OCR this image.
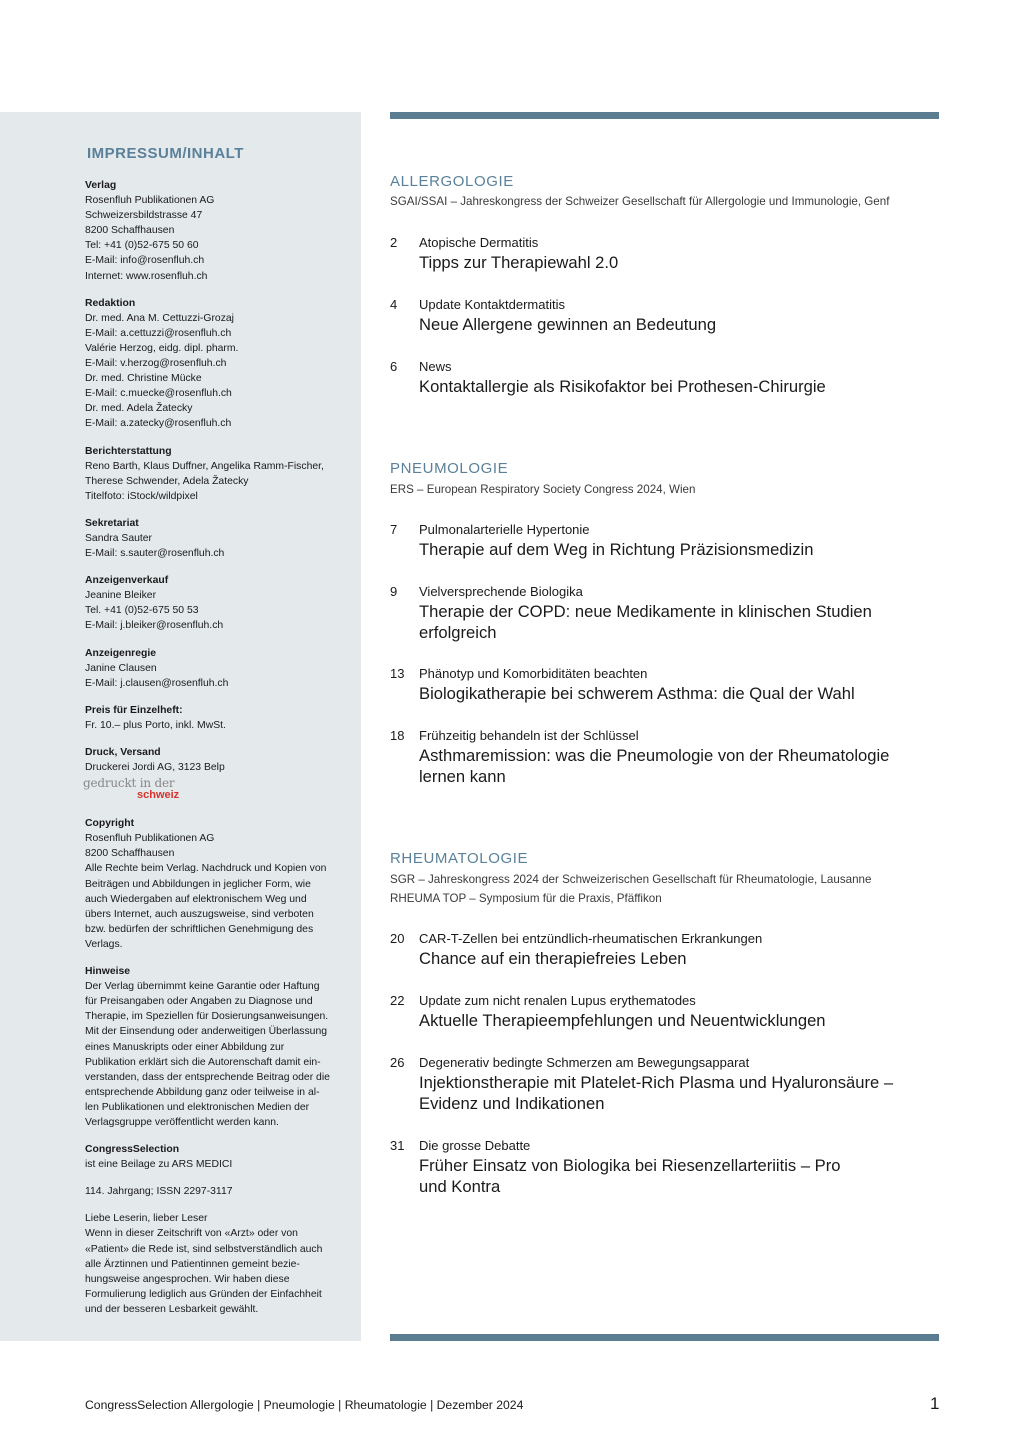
IMPRESSUM/INHALT
Verlag
Rosenfluh Publikationen AG
Schweizersbildstrasse 47
8200 Schaffhausen
Tel: +41 (0)52-675 50 60
E-Mail: info@rosenfluh.ch
Internet: www.rosenfluh.ch
Redaktion
Dr. med. Ana M. Cettuzzi-Grozaj
E-Mail: a.cettuzzi@rosenfluh.ch
Valérie Herzog, eidg. dipl. pharm.
E-Mail: v.herzog@rosenfluh.ch
Dr. med. Christine Mücke
E-Mail: c.muecke@rosenfluh.ch
Dr. med. Adela Žatecky
E-Mail: a.zatecky@rosenfluh.ch
Berichterstattung
Reno Barth, Klaus Duffner, Angelika Ramm-Fischer,
Therese Schwender, Adela Žatecky
Titelfoto: iStock/wildpixel
Sekretariat
Sandra Sauter
E-Mail: s.sauter@rosenfluh.ch
Anzeigenverkauf
Jeanine Bleiker
Tel. +41 (0)52-675 50 53
E-Mail: j.bleiker@rosenfluh.ch
Anzeigenregie
Janine Clausen
E-Mail: j.clausen@rosenfluh.ch
Preis für Einzelheft:
Fr. 10.– plus Porto, inkl. MwSt.
Druck, Versand
Druckerei Jordi AG, 3123 Belp
gedruckt in der
schweiz
Copyright
Rosenfluh Publikationen AG
8200 Schaffhausen
Alle Rechte beim Verlag. Nachdruck und Kopien von
Beiträgen und Abbildungen in jeglicher Form, wie
auch Wiedergaben auf elektronischem Weg und
übers Internet, auch auszugsweise, sind verboten
bzw. bedürfen der schriftlichen Genehmigung des
Verlags.
Hinweise
Der Verlag übernimmt keine Garantie oder Haftung
für Preisangaben oder Angaben zu Diagnose und
Therapie, im Speziellen für Dosierungsanweisungen.
Mit der Einsendung oder anderweitigen Überlassung
eines Manuskripts oder einer Abbildung zur
Publikation erklärt sich die Autorenschaft damit ein-
verstanden, dass der entsprechende Beitrag oder die
entsprechende Abbildung ganz oder teilweise in al-
len Publikationen und elektronischen Medien der
Verlagsgruppe veröffentlicht werden kann.
CongressSelection
ist eine Beilage zu ARS MEDICI
114. Jahrgang; ISSN 2297-3117
Liebe Leserin, lieber Leser
Wenn in dieser Zeitschrift von «Arzt» oder von
«Patient» die Rede ist, sind selbstverständlich auch
alle Ärztinnen und Patientinnen gemeint bezie-
hungsweise angesprochen. Wir haben diese
Formulierung lediglich aus Gründen der Einfachheit
und der besseren Lesbarkeit gewählt.
ALLERGOLOGIE
SGAI/SSAI – Jahreskongress der Schweizer Gesellschaft für Allergologie und Immunologie, Genf
2 Atopische Dermatitis
Tipps zur Therapiewahl 2.0
4 Update Kontaktdermatitis
Neue Allergene gewinnen an Bedeutung
6 News
Kontaktallergie als Risikofaktor bei Prothesen-Chirurgie
PNEUMOLOGIE
ERS – European Respiratory Society Congress 2024, Wien
7 Pulmonalarterielle Hypertonie
Therapie auf dem Weg in Richtung Präzisionsmedizin
9 Vielversprechende Biologika
Therapie der COPD: neue Medikamente in klinischen Studien erfolgreich
13 Phänotyp und Komorbiditäten beachten
Biologikatherapie bei schwerem Asthma: die Qual der Wahl
18 Frühzeitig behandeln ist der Schlüssel
Asthmaremission: was die Pneumologie von der Rheumatologie lernen kann
RHEUMATOLOGIE
SGR – Jahreskongress 2024 der Schweizerischen Gesellschaft für Rheumatologie, Lausanne
RHEUMA TOP – Symposium für die Praxis, Pfäffikon
20 CAR-T-Zellen bei entzündlich-rheumatischen Erkrankungen
Chance auf ein therapiefreies Leben
22 Update zum nicht renalen Lupus erythematodes
Aktuelle Therapieempfehlungen und Neuentwicklungen
26 Degenerativ bedingte Schmerzen am Bewegungsapparat
Injektionstherapie mit Platelet-Rich Plasma und Hyaluronsäure – Evidenz und Indikationen
31 Die grosse Debatte
Früher Einsatz von Biologika bei Riesenzellarteriitis – Pro und Kontra
CongressSelection Allergologie | Pneumologie | Rheumatologie | Dezember 2024	1
